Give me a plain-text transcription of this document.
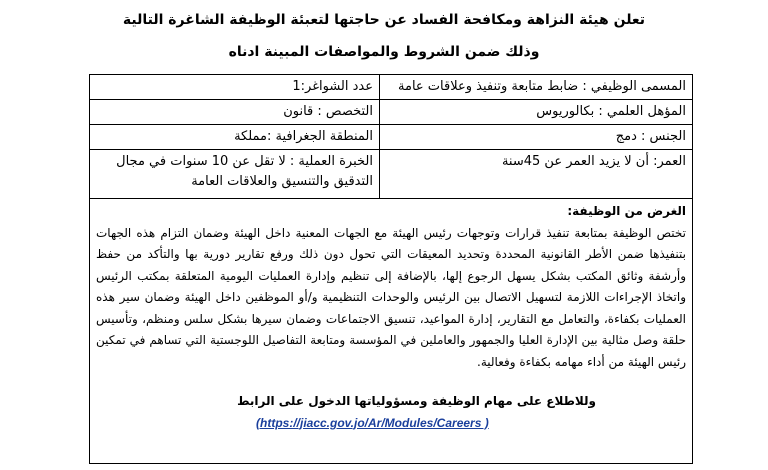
تعلن هيئة النزاهة ومكافحة الفساد عن حاجتها لتعبئة الوظيفة الشاغرة التالية
وذلك ضمن الشروط والمواصفات المبينة ادناه
المسمى الوظيفي : ضابط متابعة وتنفيذ وعلاقات عامة	عدد الشواغر:1
المؤهل العلمي : بكالوريوس	التخصص : قانون
الجنس : دمج	المنطقة الجغرافية :مملكة
العمر: أن لا يزيد العمر عن 45سنة	الخبرة العملية : لا تقل عن 10 سنوات في مجال التدقيق والتنسيق والعلاقات العامة

الغرض من الوظيفة:
تختص الوظيفة بمتابعة تنفيذ قرارات وتوجهات رئيس الهيئة مع الجهات المعنية داخل الهيئة وضمان التزام هذه الجهات بتنفيذها ضمن الأطر القانونية المحددة وتحديد المعيقات التي تحول دون ذلك ورفع تقارير دورية بها والتأكد من حفظ وأرشفة وثائق المكتب بشكل يسهل الرجوع إلها، بالإضافة إلى تنظيم وإدارة العمليات اليومية المتعلقة بمكتب الرئيس واتخاذ الإجراءات اللازمة لتسهيل الاتصال بين الرئيس والوحدات التنظيمية و/أو الموظفين داخل الهيئة وضمان سير هذه العمليات بكفاءة، والتعامل مع التقارير، إدارة المواعيد، تنسيق الاجتماعات وضمان سيرها بشكل سلس ومنظم، وتأسيس حلقة وصل مثالية بين الإدارة العليا والجمهور والعاملين في المؤسسة ومتابعة التفاصيل اللوجستية التي تساهم في تمكين رئيس الهيئة من أداء مهامه بكفاءة وفعالية.
وللاطلاع على مهام الوظيفة ومسؤولياتها الدخول على الرابط
(https://jiacc.gov.jo/Ar/Modules/Careers )	
